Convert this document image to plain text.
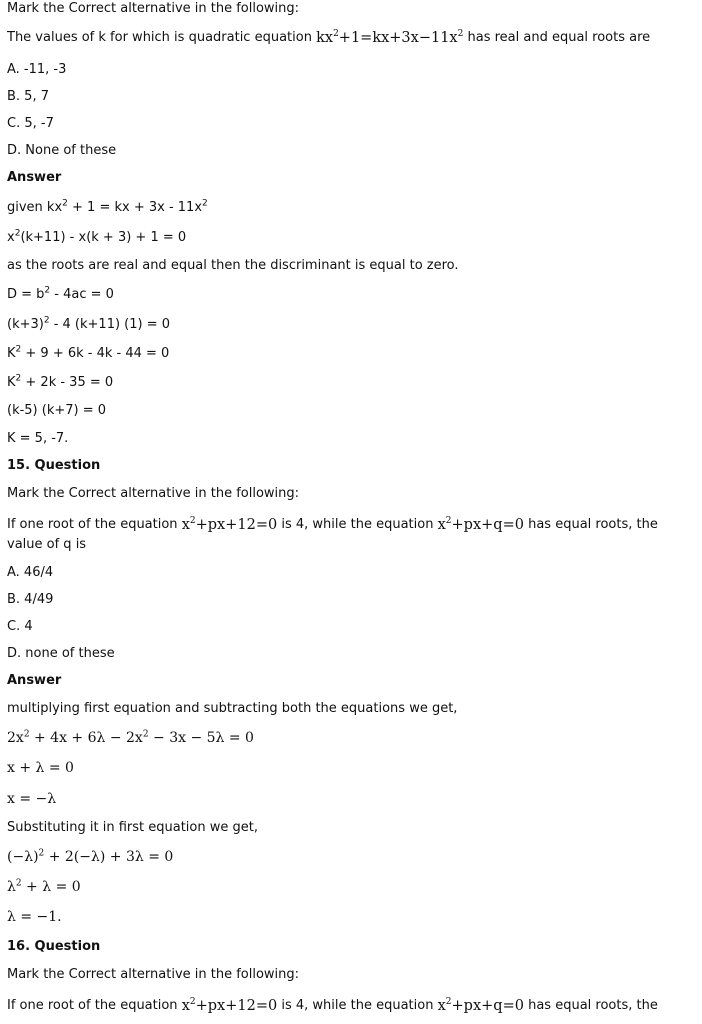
Mark the Correct alternative in the following:
The values of k for which is quadratic equation $kx^2+1=kx+3x-11x^2$ has real and equal roots are
A. -11, -3
B. 5, 7
C. 5, -7
D. None of these
Answer
given $kx^2 + 1$ = kx + $3x - 11x^2$
$x^2(k+11) - x(k + 3) + 1 = 0$
as the roots are real and equal then the discriminant is equal to zero.
$D = b^2 - 4ac = 0$
$(k+3)^2 - 4$ (k+11) (1) = 0
$K^2 + 9 + 6k - 4k - 44 = 0$
$K^2 + 2k - 35 = 0$
(k-5) (k+7) = 0
K = 5, -7.
15. Question
Mark the Correct alternative in the following:
If one root of the equation $x^2+px+12=0$ is 4, while the equation $x^2+px+q=0$ has equal roots, the
value of q is
A. 46/4
B. 4/49
C. 4
D. none of these
Answer
multiplying first equation and subtracting both the equations we get,
$2x^2 + 4x + 6\lambda - 2x^2 - 3x - 5\lambda = 0$
x + λ = 0
x = −λ
Substituting it in first equation we get,
$(-\lambda)^2 + 2(-\lambda) + 3\lambda = 0$
$\lambda^2 + \lambda = 0$
λ = −1.
16. Question
Mark the Correct alternative in the following:
If one root of the equation $x^2+px+12=0$ is 4, while the equation $x^2+px+q=0$ has equal roots, the
